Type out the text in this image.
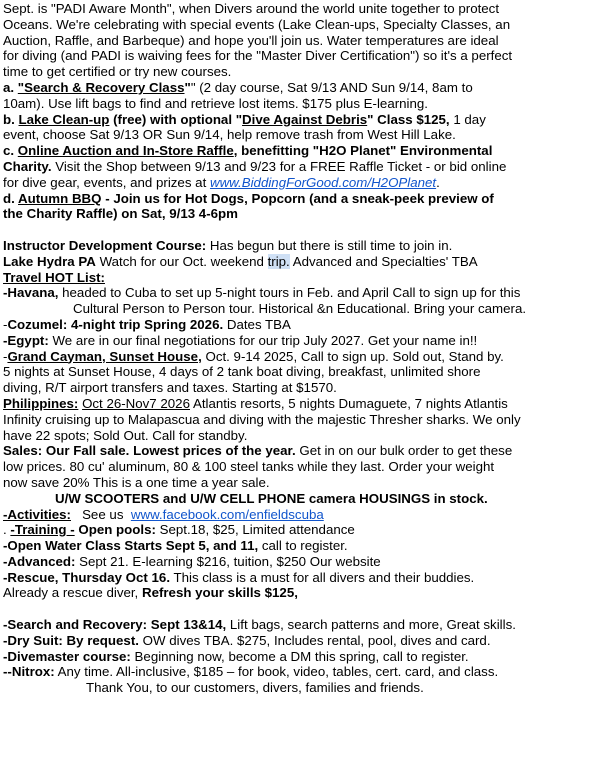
Sept. is "PADI Aware Month", when Divers around the world unite together to protect
Oceans. We're celebrating with special events (Lake Clean-ups, Specialty Classes, an
Auction, Raffle, and Barbeque) and hope you'll join us. Water temperatures are ideal
for diving (and PADI is waiving fees for the "Master Diver Certification") so it's a perfect
time to get certified or try new courses.
a. "Search & Recovery Class"" (2 day course, Sat 9/13 AND Sun 9/14, 8am to
10am). Use lift bags to find and retrieve lost items. $175 plus E-learning.
b. Lake Clean-up (free) with optional "Dive Against Debris" Class $125, 1 day
event, choose Sat 9/13 OR Sun 9/14, help remove trash from West Hill Lake.
c. Online Auction and In-Store Raffle, benefitting "H2O Planet" Environmental
Charity. Visit the Shop between 9/13 and 9/23 for a FREE Raffle Ticket - or bid online
for dive gear, events, and prizes at www.BiddingForGood.com/H2OPlanet.
d. Autumn BBQ - Join us for Hot Dogs, Popcorn (and a sneak-peek preview of
the Charity Raffle) on Sat, 9/13 4-6pm
Instructor Development Course: Has begun but there is still time to join in.
Lake Hydra PA Watch for our Oct. weekend trip. Advanced and Specialties' TBA
Travel HOT List:
-Havana, headed to Cuba to set up 5-night tours in Feb. and April Call to sign up for this
Cultural Person to Person tour. Historical &n Educational. Bring your camera.
-Cozumel: 4-night trip Spring 2026. Dates TBA
-Egypt: We are in our final negotiations for our trip July 2027. Get your name in!!
-Grand Cayman, Sunset House, Oct. 9-14 2025, Call to sign up. Sold out, Stand by.
5 nights at Sunset House, 4 days of 2 tank boat diving, breakfast, unlimited shore
diving, R/T airport transfers and taxes. Starting at $1570.
Philippines: Oct 26-Nov7 2026 Atlantis resorts, 5 nights Dumaguete, 7 nights Atlantis
Infinity cruising up to Malapascua and diving with the majestic Thresher sharks. We only
have 22 spots; Sold Out. Call for standby.
Sales: Our Fall sale. Lowest prices of the year. Get in on our bulk order to get these
low prices. 80 cu' aluminum, 80 & 100 steel tanks while they last. Order your weight
now save 20% This is a one time a year sale.
U/W SCOOTERS and U/W CELL PHONE camera HOUSINGS in stock.
-Activities:   See us  www.facebook.com/enfieldscuba
. -Training - Open pools: Sept.18, $25, Limited attendance
-Open Water Class Starts Sept 5, and 11, call to register.
-Advanced: Sept 21. E-learning $216, tuition, $250 Our website
-Rescue, Thursday Oct 16. This class is a must for all divers and their buddies.
Already a rescue diver, Refresh your skills $125,
-Search and Recovery: Sept 13&14, Lift bags, search patterns and more, Great skills.
-Dry Suit: By request. OW dives TBA. $275, Includes rental, pool, dives and card.
-Divemaster course: Beginning now, become a DM this spring, call to register.
--Nitrox: Any time. All-inclusive, $185 – for book, video, tables, cert. card, and class.
Thank You, to our customers, divers, families and friends.
